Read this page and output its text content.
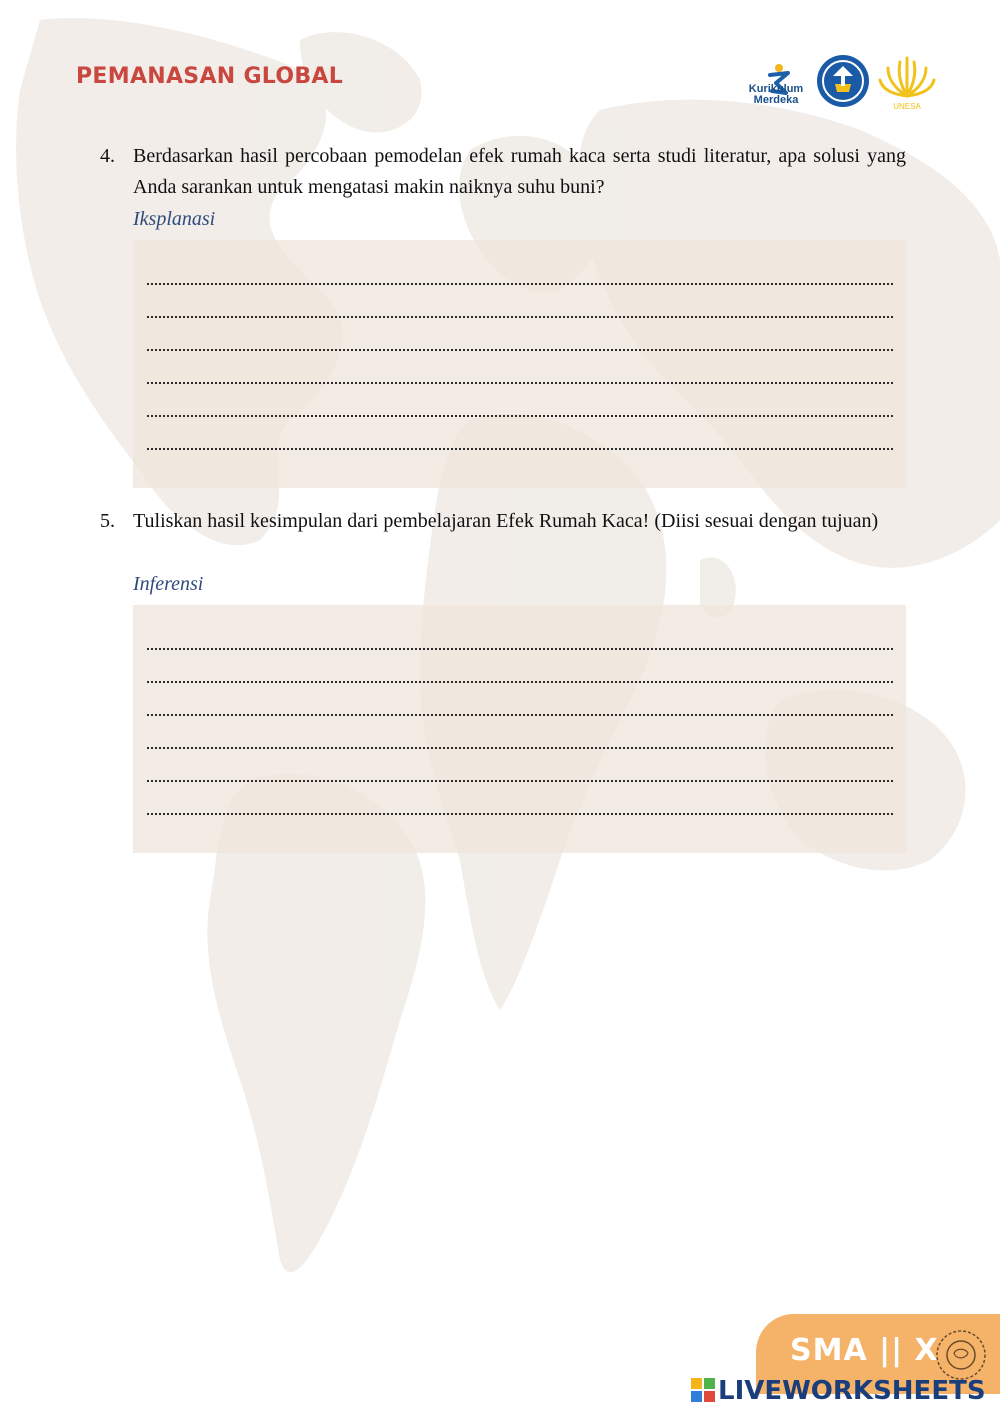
PEMANASAN GLOBAL	Kurikulum
Merdeka
UNESA
4. Berdasarkan hasil percobaan pemodelan efek rumah kaca serta studi literatur, apa solusi yang Anda sarankan untuk mengatasi makin naiknya suhu buni?
Iksplanasi
5. Tuliskan hasil kesimpulan dari pembelajaran Efek Rumah Kaca! (Diisi sesuai dengan tujuan)
Inferensi
SMA || X
LIVEWORKSHEETS
